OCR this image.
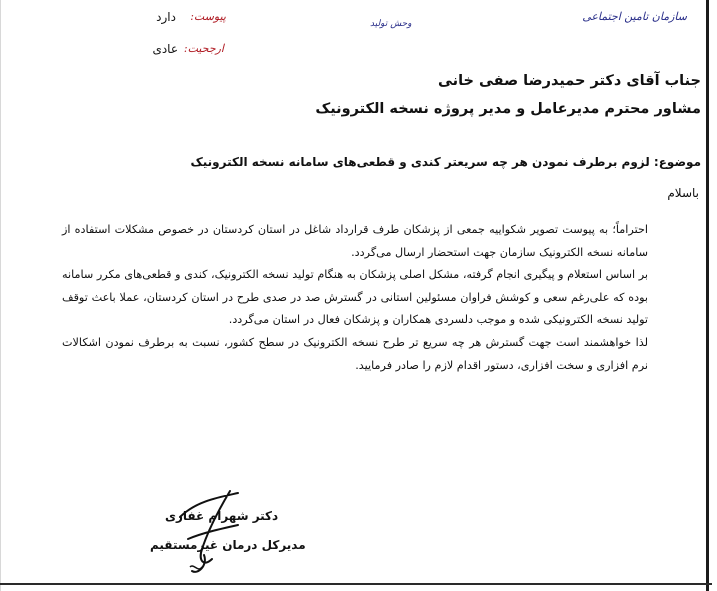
سازمان تامین اجتماعی
وحش توليد
پیوست:
دارد
ارجحیت:
عادی
جناب آقای دکتر حمیدرضا صفی خانی
مشاور محترم مدیرعامل و مدیر پروژه نسخه الکترونیک
موضوع: لزوم برطرف نمودن هر چه سریعتر کندی و قطعی‌های سامانه نسخه الکترونیک
باسلام

احتراماً؛ به پیوست تصویر شکواییه جمعی از پزشکان طرف قرارداد شاغل در استان کردستان در خصوص مشکلات استفاده از سامانه نسخه الکترونیک سازمان جهت استحضار ارسال می‌گردد.

بر اساس استعلام و پیگیری انجام گرفته، مشکل اصلی پزشکان به هنگام تولید نسخه الکترونیک، کندی و قطعی‌های مکرر سامانه بوده که علی‌رغم سعی و کوشش فراوان مسئولین استانی در گسترش صد در صدی طرح در استان کردستان، عملا باعث توقف تولید نسخه الکترونیکی شده و موجب دلسردی همکاران و پزشکان فعال در استان می‌گردد.

لذا خواهشمند است جهت گسترش هر چه سریع تر طرح نسخه الکترونیک در سطح کشور، نسبت به برطرف نمودن اشکالات نرم افزاری و سخت افزاری، دستور اقدام لازم را صادر فرمایید.

دکتر شهرام غفاری
مدیرکل درمان غیرمستقیم
